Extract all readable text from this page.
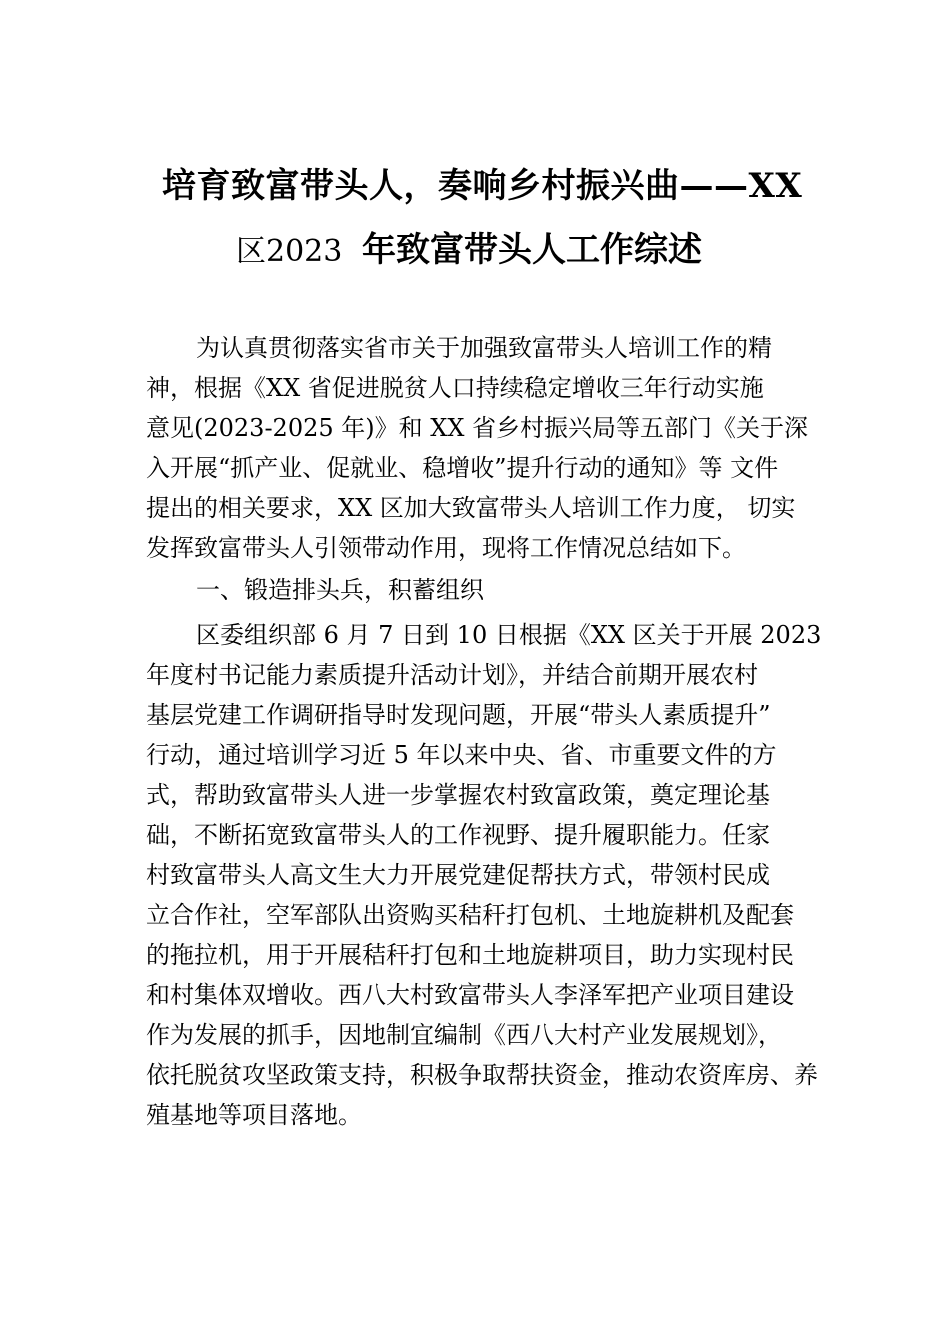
培育致富带头人，奏响乡村振兴曲——XX
区2023 年致富带头人工作综述
为认真贯彻落实省市关于加强致富带头人培训工作的精
神，根据《XX 省促进脱贫人口持续稳定增收三年行动实施
意见(2023-2025 年)》和 XX 省乡村振兴局等五部门《关于深
入开展“抓产业、促就业、稳增收”提升行动的通知》等 文件
提出的相关要求，XX 区加大致富带头人培训工作力度， 切实
发挥致富带头人引领带动作用，现将工作情况总结如下。
一、锻造排头兵，积蓄组织
区委组织部 6 月 7 日到 10 日根据《XX 区关于开展 2023
年度村书记能力素质提升活动计划》，并结合前期开展农村
基层党建工作调研指导时发现问题，开展“带头人素质提升”
行动，通过培训学习近 5 年以来中央、省、市重要文件的方
式，帮助致富带头人进一步掌握农村致富政策，奠定理论基
础，不断拓宽致富带头人的工作视野、提升履职能力。任家
村致富带头人高文生大力开展党建促帮扶方式，带领村民成
立合作社，空军部队出资购买秸秆打包机、土地旋耕机及配套
的拖拉机，用于开展秸秆打包和土地旋耕项目，助力实现村民
和村集体双增收。西八大村致富带头人李泽军把产业项目建设
作为发展的抓手，因地制宜编制《西八大村产业发展规划》，
依托脱贫攻坚政策支持，积极争取帮扶资金，推动农资库房、养
殖基地等项目落地。
